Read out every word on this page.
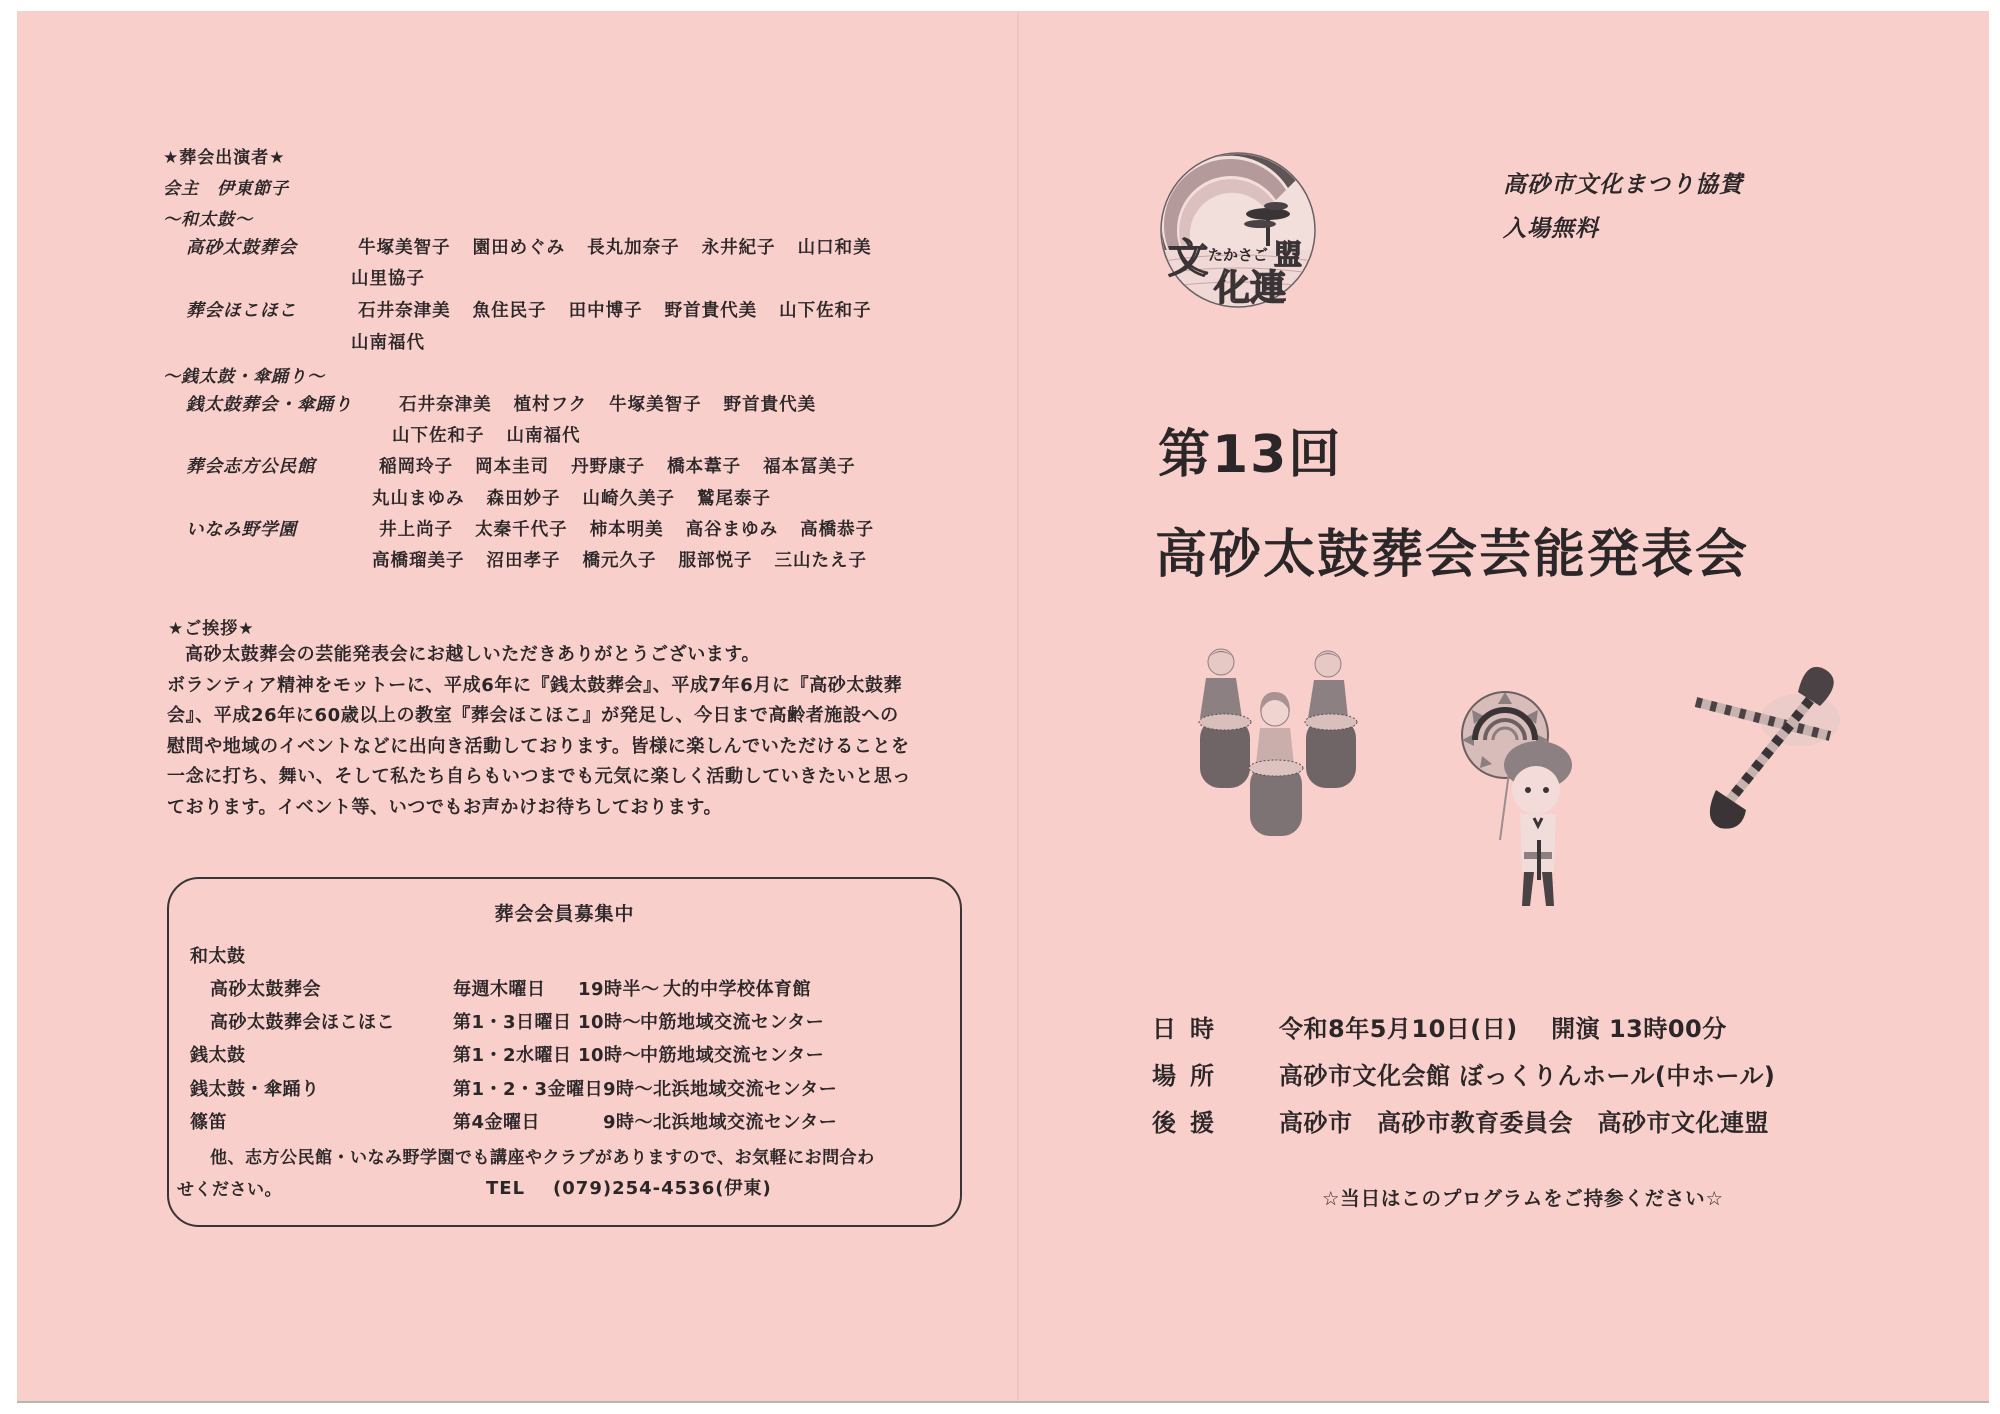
★葬会出演者★
会主　伊東節子
～和太鼓～
高砂太鼓葬会	牛塚美智子 園田めぐみ 長丸加奈子 永井紀子 山口和美
山里協子
葬会ほこほこ	石井奈津美 魚住民子 田中博子 野首貴代美 山下佐和子
山南福代
～銭太鼓・傘踊り～
銭太鼓葬会・傘踊り	石井奈津美 植村フク 牛塚美智子 野首貴代美
山下佐和子 山南福代
葬会志方公民館	稲岡玲子 岡本圭司 丹野康子 橋本葦子 福本冨美子
丸山まゆみ 森田妙子 山崎久美子 鷲尾泰子
いなみ野学園	井上尚子 太秦千代子 柿本明美 高谷まゆみ 高橋恭子
高橋瑠美子 沼田孝子 橋元久子 服部悦子 三山たえ子
★ご挨拶★

高砂太鼓葬会の芸能発表会にお越しいただきありがとうございます。

ボランティア精神をモットーに、平成6年に『銭太鼓葬会』、平成7年6月に『高砂太鼓葬会』、平成26年に60歳以上の教室『葬会ほこほこ』が発足し、今日まで高齢者施設への慰問や地域のイベントなどに出向き活動しております。皆様に楽しんでいただけることを一念に打ち、舞い、そして私たち自らもいつまでも元気に楽しく活動していきたいと思っております。イベント等、いつでもお声かけお待ちしております。

葬会会員募集中
和太鼓
高砂太鼓葬会	毎週木曜日 19時半～ 大的中学校体育館
高砂太鼓葬会ほこほこ	第1・3日曜日 10時～中筋地域交流センター
銭太鼓	第1・2水曜日 10時～中筋地域交流センター
銭太鼓・傘踊り	第1・2・3金曜日9時～北浜地域交流センター
篠笛	第4金曜日	9時～北浜地域交流センター
他、志方公民館・いなみ野学園でも講座やクラブがありますので、お気軽にお問合わ
せください。	TEL (079)254-4536(伊東)
文 たかさご 盟
化連
高砂市文化まつり協賛
入場無料
第13回
高砂太鼓葬会芸能発表会
日時	令和8年5月10日(日)　 開演 13時00分
場所	高砂市文化会館 ぼっくりんホール(中ホール)
後援	高砂市　高砂市教育委員会　高砂市文化連盟
☆当日はこのプログラムをご持参ください☆
